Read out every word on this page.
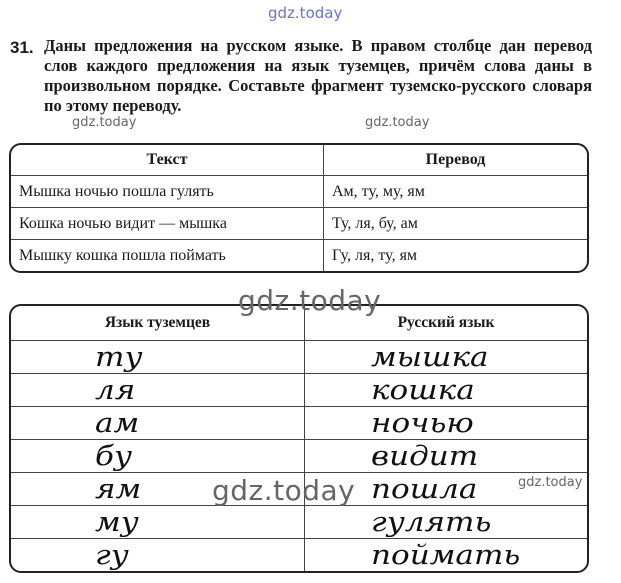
gdz.today
31. Даны предложения на русском языке. В правом столбце дан перевод слов каждого предложения на язык туземцев, причём слова даны в произвольном порядке. Составьте фрагмент туземско-русского словаря по этому переводу.
gdz.today	gdz.today
Текст	Перевод
Мышка ночью пошла гулять	Ам, ту, му, ям
Кошка ночью видит — мышка	Ту, ля, бу, ам
Мышку кошка пошла поймать	Гу, ля, ту, ям
Язык туземцев	Русский язык
ту	мышка
ля	кошка
ам	ночью
бу	видит
ям	пошла
му	гулять
гу	поймать
gdz.today
gdz.today	gdz.today
